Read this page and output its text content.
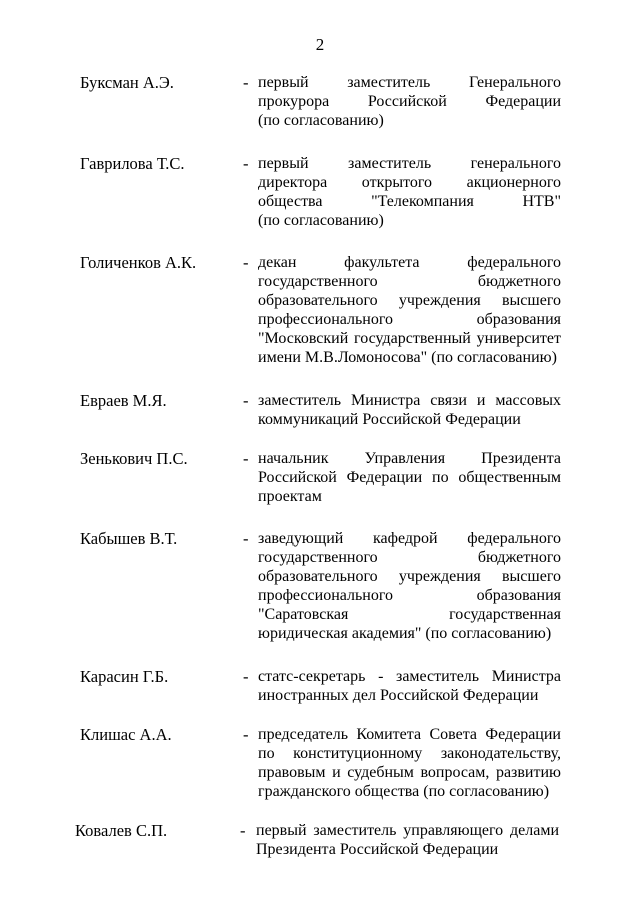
2
Буксман А.Э.	- первый заместитель Генерального
прокурора Российской Федерации
(по согласованию)
Гаврилова Т.С.	- первый заместитель генерального
директора открытого акционерного
общества "Телекомпания НТВ"
(по согласованию)
Голиченков А.К.	- декан факультета федерального
государственного бюджетного
образовательного учреждения высшего
профессионального образования
"Московский государственный университет
имени М.В.Ломоносова" (по согласованию)
Евраев М.Я.	- заместитель Министра связи и массовых
коммуникаций Российской Федерации
Зенькович П.С.	- начальник Управления Президента
Российской Федерации по общественным
проектам
Кабышев В.Т.	- заведующий кафедрой федерального
государственного бюджетного
образовательного учреждения высшего
профессионального образования
"Саратовская государственная
юридическая академия" (по согласованию)
Карасин Г.Б.	- статс-секретарь - заместитель Министра
иностранных дел Российской Федерации
Клишас А.А.	- председатель Комитета Совета Федерации
по конституционному законодательству,
правовым и судебным вопросам, развитию
гражданского общества (по согласованию)
Ковалев С.П.	- первый заместитель управляющего делами
Президента Российской Федерации
